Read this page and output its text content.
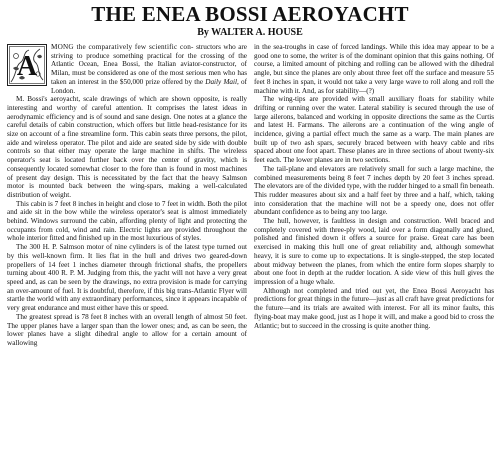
THE ENEA BOSSI AEROYACHT
By WALTER A. HOUSE
A

MONG the comparatively few scientific con- structors who are striving to produce something practical for the crossing of the Atlantic Ocean, Enea Bossi, the Italian aviator-constructor, of Milan, must be considered as one of the most serious men who has taken an interest in the $50,000 prize offered by the Daily Mail, of London.

M. Bossi's aeroyacht, scale drawings of which are shown opposite, is really interesting and worthy of careful attention. It comprises the latest ideas in aerodynamic efficiency and is of sound and sane design. One notes at a glance the careful details of cabin construction, which offers but little head-resistance for its size on account of a fine streamline form. This cabin seats three persons, the pilot, aide and wireless operator. The pilot and aide are seated side by side with double controls so that either may operate the large machine in shifts. The wireless operator's seat is located further back over the center of gravity, which is consequently located somewhat closer to the fore than is found in most machines of present day design. This is necessitated by the fact that the heavy Salmson motor is mounted back between the wing-spars, making a well-calculated distribution of weight.

This cabin is 7 feet 8 inches in height and close to 7 feet in width. Both the pilot and aide sit in the bow while the wireless operator's seat is almost immediately behind. Windows surround the cabin, affording plenty of light and protecting the occupants from cold, wind and rain. Electric lights are provided throughout the whole interior fitted and finished up in the most luxurious of styles.

The 300 H. P. Salmson motor of nine cylinders is of the latest type turned out by this well-known firm. It lies flat in the hull and drives two geared-down propellers of 14 feet 1 inches diameter through frictional shafts, the propellers turning about 400 R. P. M. Judging from this, the yacht will not have a very great speed and, as can be seen by the drawings, no extra provision is made for carrying an over-amount of fuel. It is doubtful, therefore, if this big trans-Atlantic Flyer will startle the world with any extraordinary performances, since it appears incapable of very great endurance and must either have this or speed.

The greatest spread is 78 feet 8 inches with an overall length of almost 50 feet. The upper planes have a larger span than the lower ones; and, as can be seen, the lower planes have a slight dihedral angle to allow for a certain amount of wallowing

in the sea-troughs in case of forced landings. While this idea may appear to be a good one to some, the writer is of the dominant opinion that this gains nothing. Of course, a limited amount of pitching and rolling can be allowed with the dihedral angle, but since the planes are only about three feet off the surface and measure 55 feet 8 inches in span, it would not take a very large wave to roll along and roll the machine with it. And, as for stability—(?)

The wing-tips are provided with small auxiliary floats for stability while drifting or running over the water. Lateral stability is secured through the use of large ailerons, balanced and working in opposite directions the same as the Curtis and latest H. Farmans. The ailerons are a continuation of the wing angle of incidence, giving a partial effect much the same as a warp. The main planes are built up of two ash spars, securely braced between with heavy cable and ribs spaced about one foot apart. These planes are in three sections of about twenty-six feet each. The lower planes are in two sections.

The tail-plane and elevators are relatively small for such a large machine, the combined measurements being 8 feet 7 inches depth by 20 feet 3 inches spread. The elevators are of the divided type, with the rudder hinged to a small fin beneath. This rudder measures about six and a half feet by three and a half, which, taking into consideration that the machine will not be a speedy one, does not offer abundant confidence as to being any too large.

The hull, however, is faultless in design and construction. Well braced and completely covered with three-ply wood, laid over a form diagonally and glued, polished and finished down it offers a source for praise. Great care has been exercised in making this hull one of great reliability and, although somewhat heavy, it is sure to come up to expectations. It is single-stepped, the step located about midway between the planes, from which the entire form slopes sharply to about one foot in depth at the rudder location. A side view of this hull gives the impression of a huge whale.

Although not completed and tried out yet, the Enea Bossi Aeroyacht has predictions for great things in the future—just as all craft have great predictions for the future—and its trials are awaited with interest. For all its minor faults, this flying-boat may make good, just as I hope it will, and make a good bid to cross the Atlantic; but to succeed in the crossing is quite another thing.
